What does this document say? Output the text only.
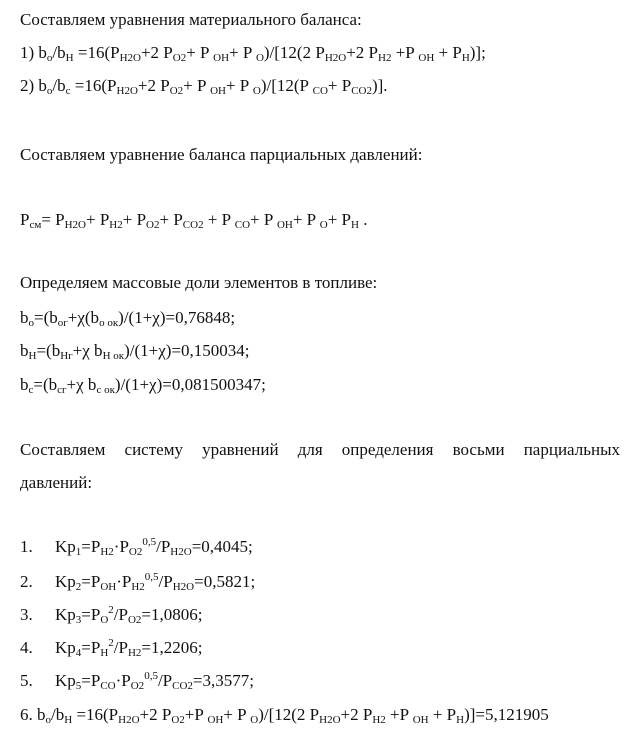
Составляем уравнения материального баланса:
1) $b_o/b_H =16(P_{H2O}+2$ $P_{O2}+ P$ $_{OH}$+ P $_O$)/[12(2 $P_{H2O}+2$ $P_{H2} +P$ $_{OH} + P_H$)];
2) $b_o/b_c =16(P_{H2O}+2$ $P_{O2}+ P$ $_{OH}$+ P $_O$)/[12(P $_{CO}+ P_{CO2}$)].
Составляем уравнение баланса парциальных давлений:
$P_{см}= P_{H2O}+ P_{H2}+ P_{O2}+ P_{CO2} + P$ $_{CO}$+ P $_{OH}$+ P $_O+ P_H$ .
Определяем массовые доли элементов в топливе:
$b_o=(b_{ог}+\chi(b_{o ок})/(1+\chi)=0,76848$;
$b_H=(b_{Hг}+\chi$ $b_{H ок})/(1+\chi)=0,150034$;
$b_c=(b_{cг}+\chi$ $b_{c ок})/(1+\chi)=0,081500347$;
Составляем систему уравнений для определения восьми парциальных
давлений:
1. $Kp_1=P_{H2}\cdot P_{O2}^{0,5}/P_{H2O}=0,4045$;
2. $Kp_2=P_{OH}\cdot P_{H2}^{0,5}/P_{H2O}=0,5821$;
3. $Kp_3=P_O^2/P_{O2}=1,0806$;
4. $Kp_4=P_H^2/P_{H2}=1,2206$;
5. $Kp_5=P_{CO}\cdot P_{O2}^{0,5}/P_{CO2}=3,3577$;
6. $b_o/b_H =16(P_{H2O}+2$ $P_{O2}+P$ $_{OH}$+ P $_O$)/[12(2 $P_{H2O}+2$ $P_{H2} +P$ $_{OH} + P_H)]=5,121905$
